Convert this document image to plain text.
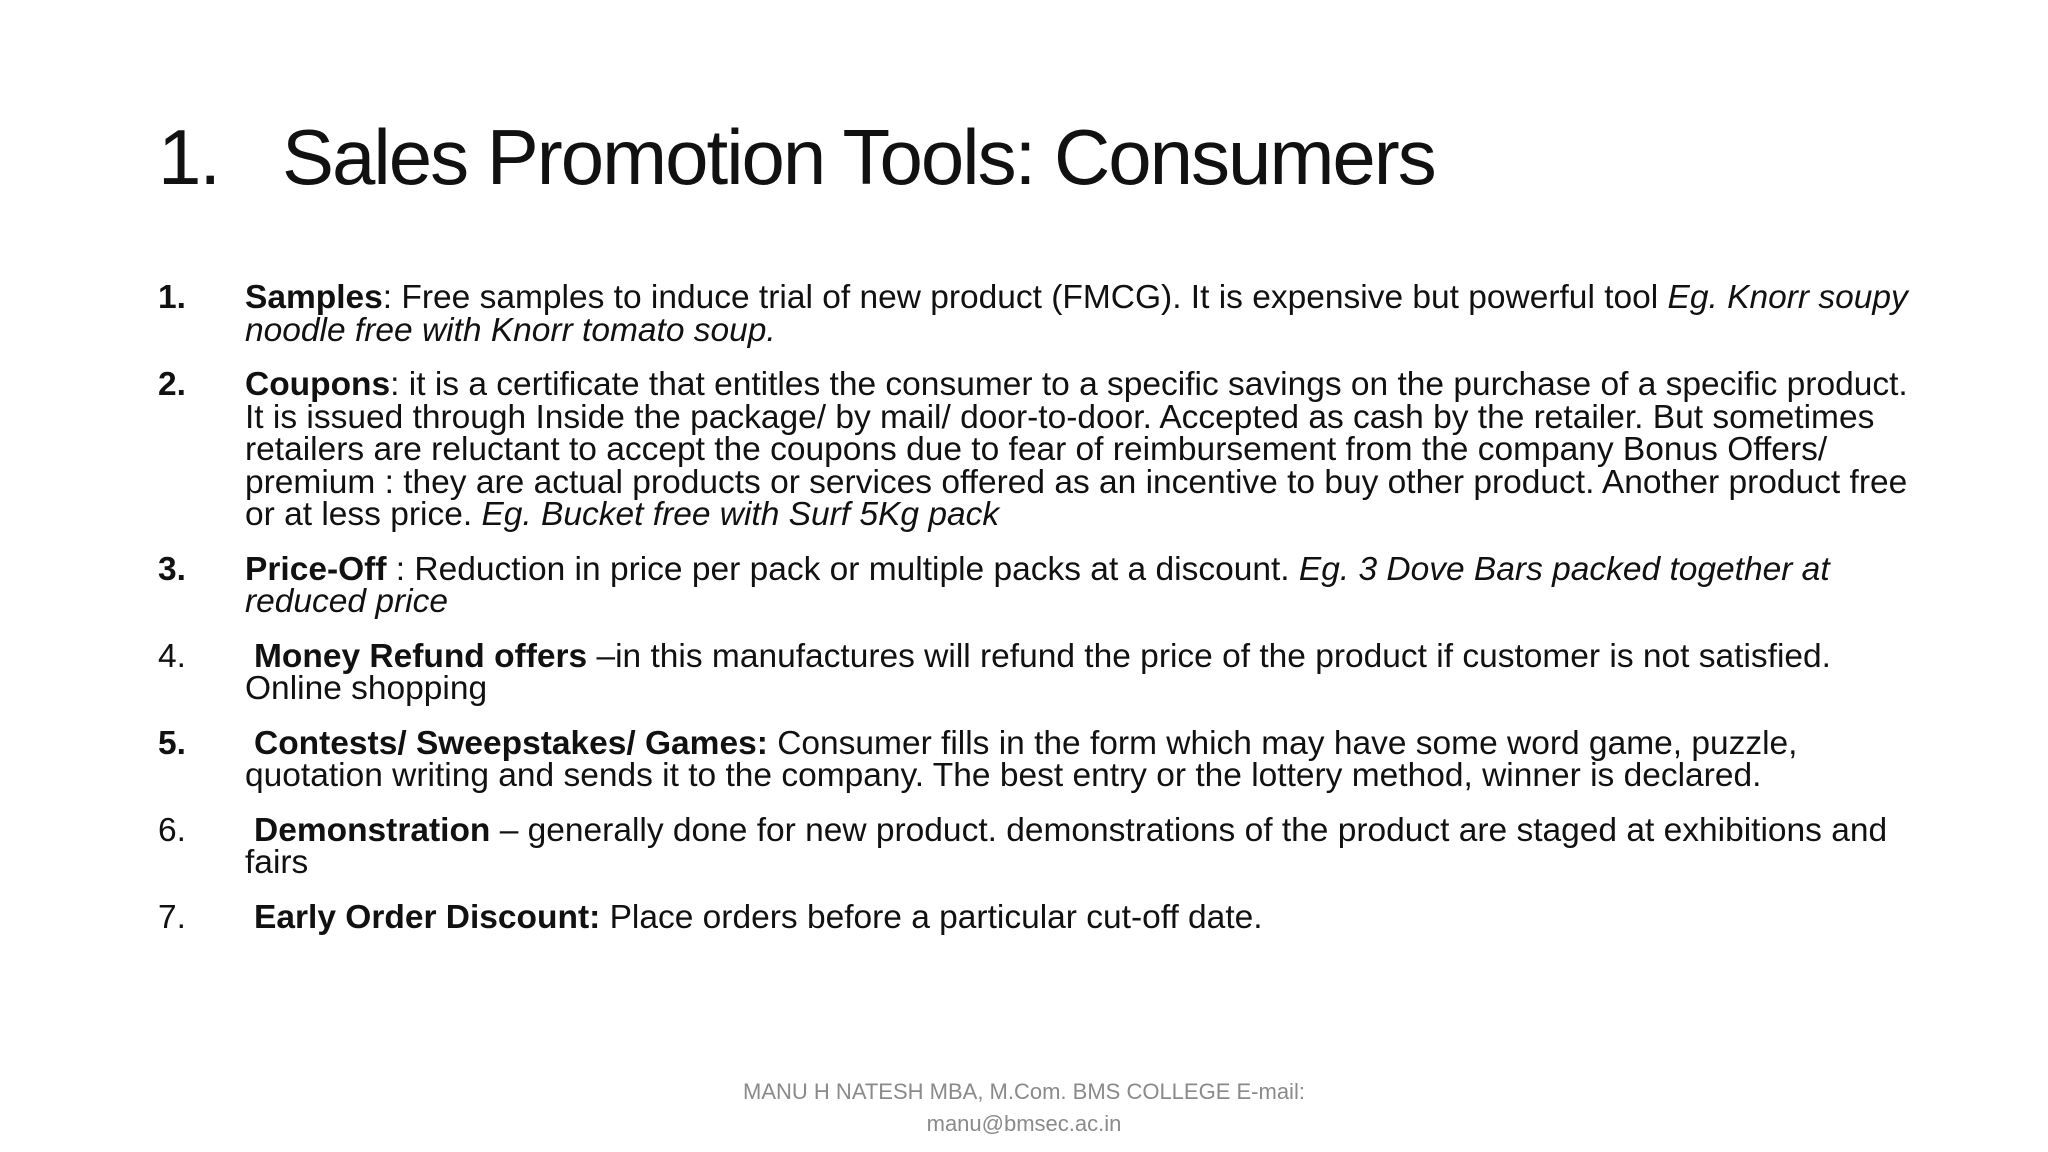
1. Sales Promotion Tools: Consumers
1. Samples: Free samples to induce trial of new product (FMCG). It is expensive but powerful tool Eg. Knorr soupy noodle free with Knorr tomato soup.
2. Coupons: it is a certificate that entitles the consumer to a specific savings on the purchase of a specific product. It is issued through Inside the package/ by mail/ door-to-door. Accepted as cash by the retailer. But sometimes retailers are reluctant to accept the coupons due to fear of reimbursement from the company Bonus Offers/ premium : they are actual products or services offered as an incentive to buy other product. Another product free or at less price. Eg. Bucket free with Surf 5Kg pack
3. Price-Off : Reduction in price per pack or multiple packs at a discount. Eg. 3 Dove Bars packed together at reduced price
4. Money Refund offers –in this manufactures will refund the price of the product if customer is not satisfied. Online shopping
5. Contests/ Sweepstakes/ Games: Consumer fills in the form which may have some word game, puzzle, quotation writing and sends it to the company. The best entry or the lottery method, winner is declared.
6. Demonstration – generally done for new product. demonstrations of the product are staged at exhibitions and fairs
7. Early Order Discount: Place orders before a particular cut-off date.
MANU H NATESH MBA, M.Com. BMS COLLEGE E-mail:
manu@bmsec.ac.in
